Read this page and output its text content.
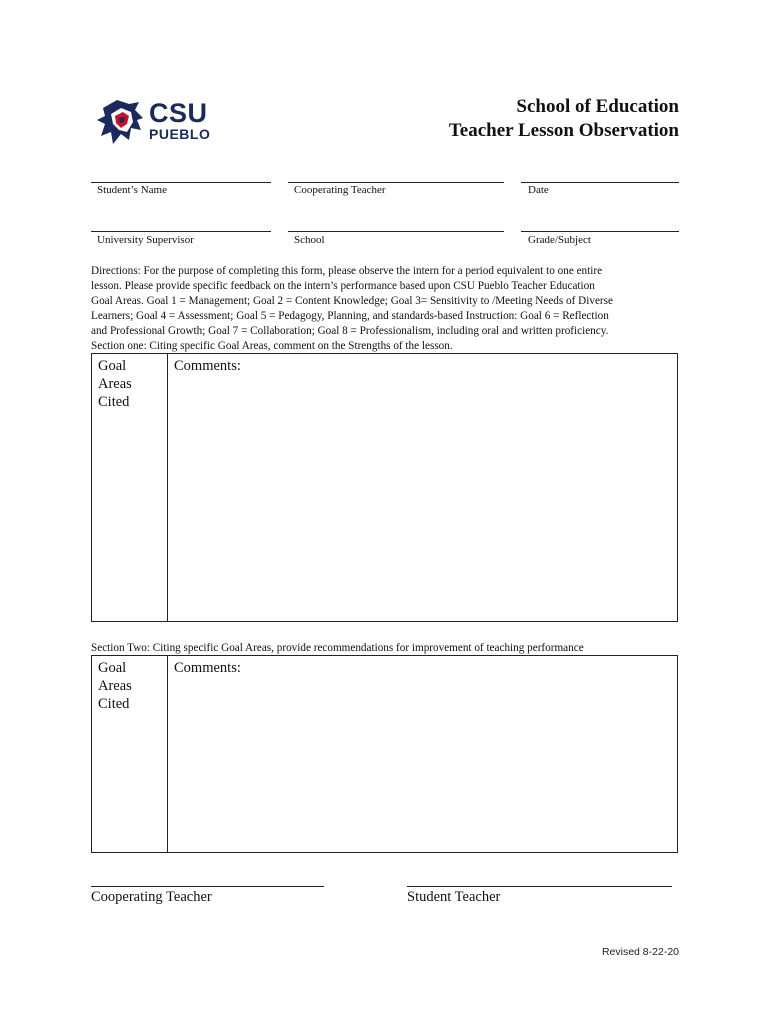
CSU
PUEBLO
School of Education
Teacher Lesson Observation
Student’s Name	Cooperating Teacher	Date
University Supervisor	School	Grade/Subject
Directions: For the purpose of completing this form, please observe the intern for a period equivalent to one entire
lesson. Please provide specific feedback on the intern’s performance based upon CSU Pueblo Teacher Education
Goal Areas. Goal 1 = Management; Goal 2 = Content Knowledge; Goal 3= Sensitivity to /Meeting Needs of Diverse
Learners; Goal 4 = Assessment; Goal 5 = Pedagogy, Planning, and standards-based Instruction: Goal 6 = Reflection
and Professional Growth; Goal 7 = Collaboration; Goal 8 = Professionalism, including oral and written proficiency.
Section one: Citing specific Goal Areas, comment on the Strengths of the lesson.
Goal
Areas
Cited
Comments:
Section Two: Citing specific Goal Areas, provide recommendations for improvement of teaching performance
Goal
Areas
Cited
Comments:
Cooperating Teacher	Student Teacher
Revised 8-22-20
